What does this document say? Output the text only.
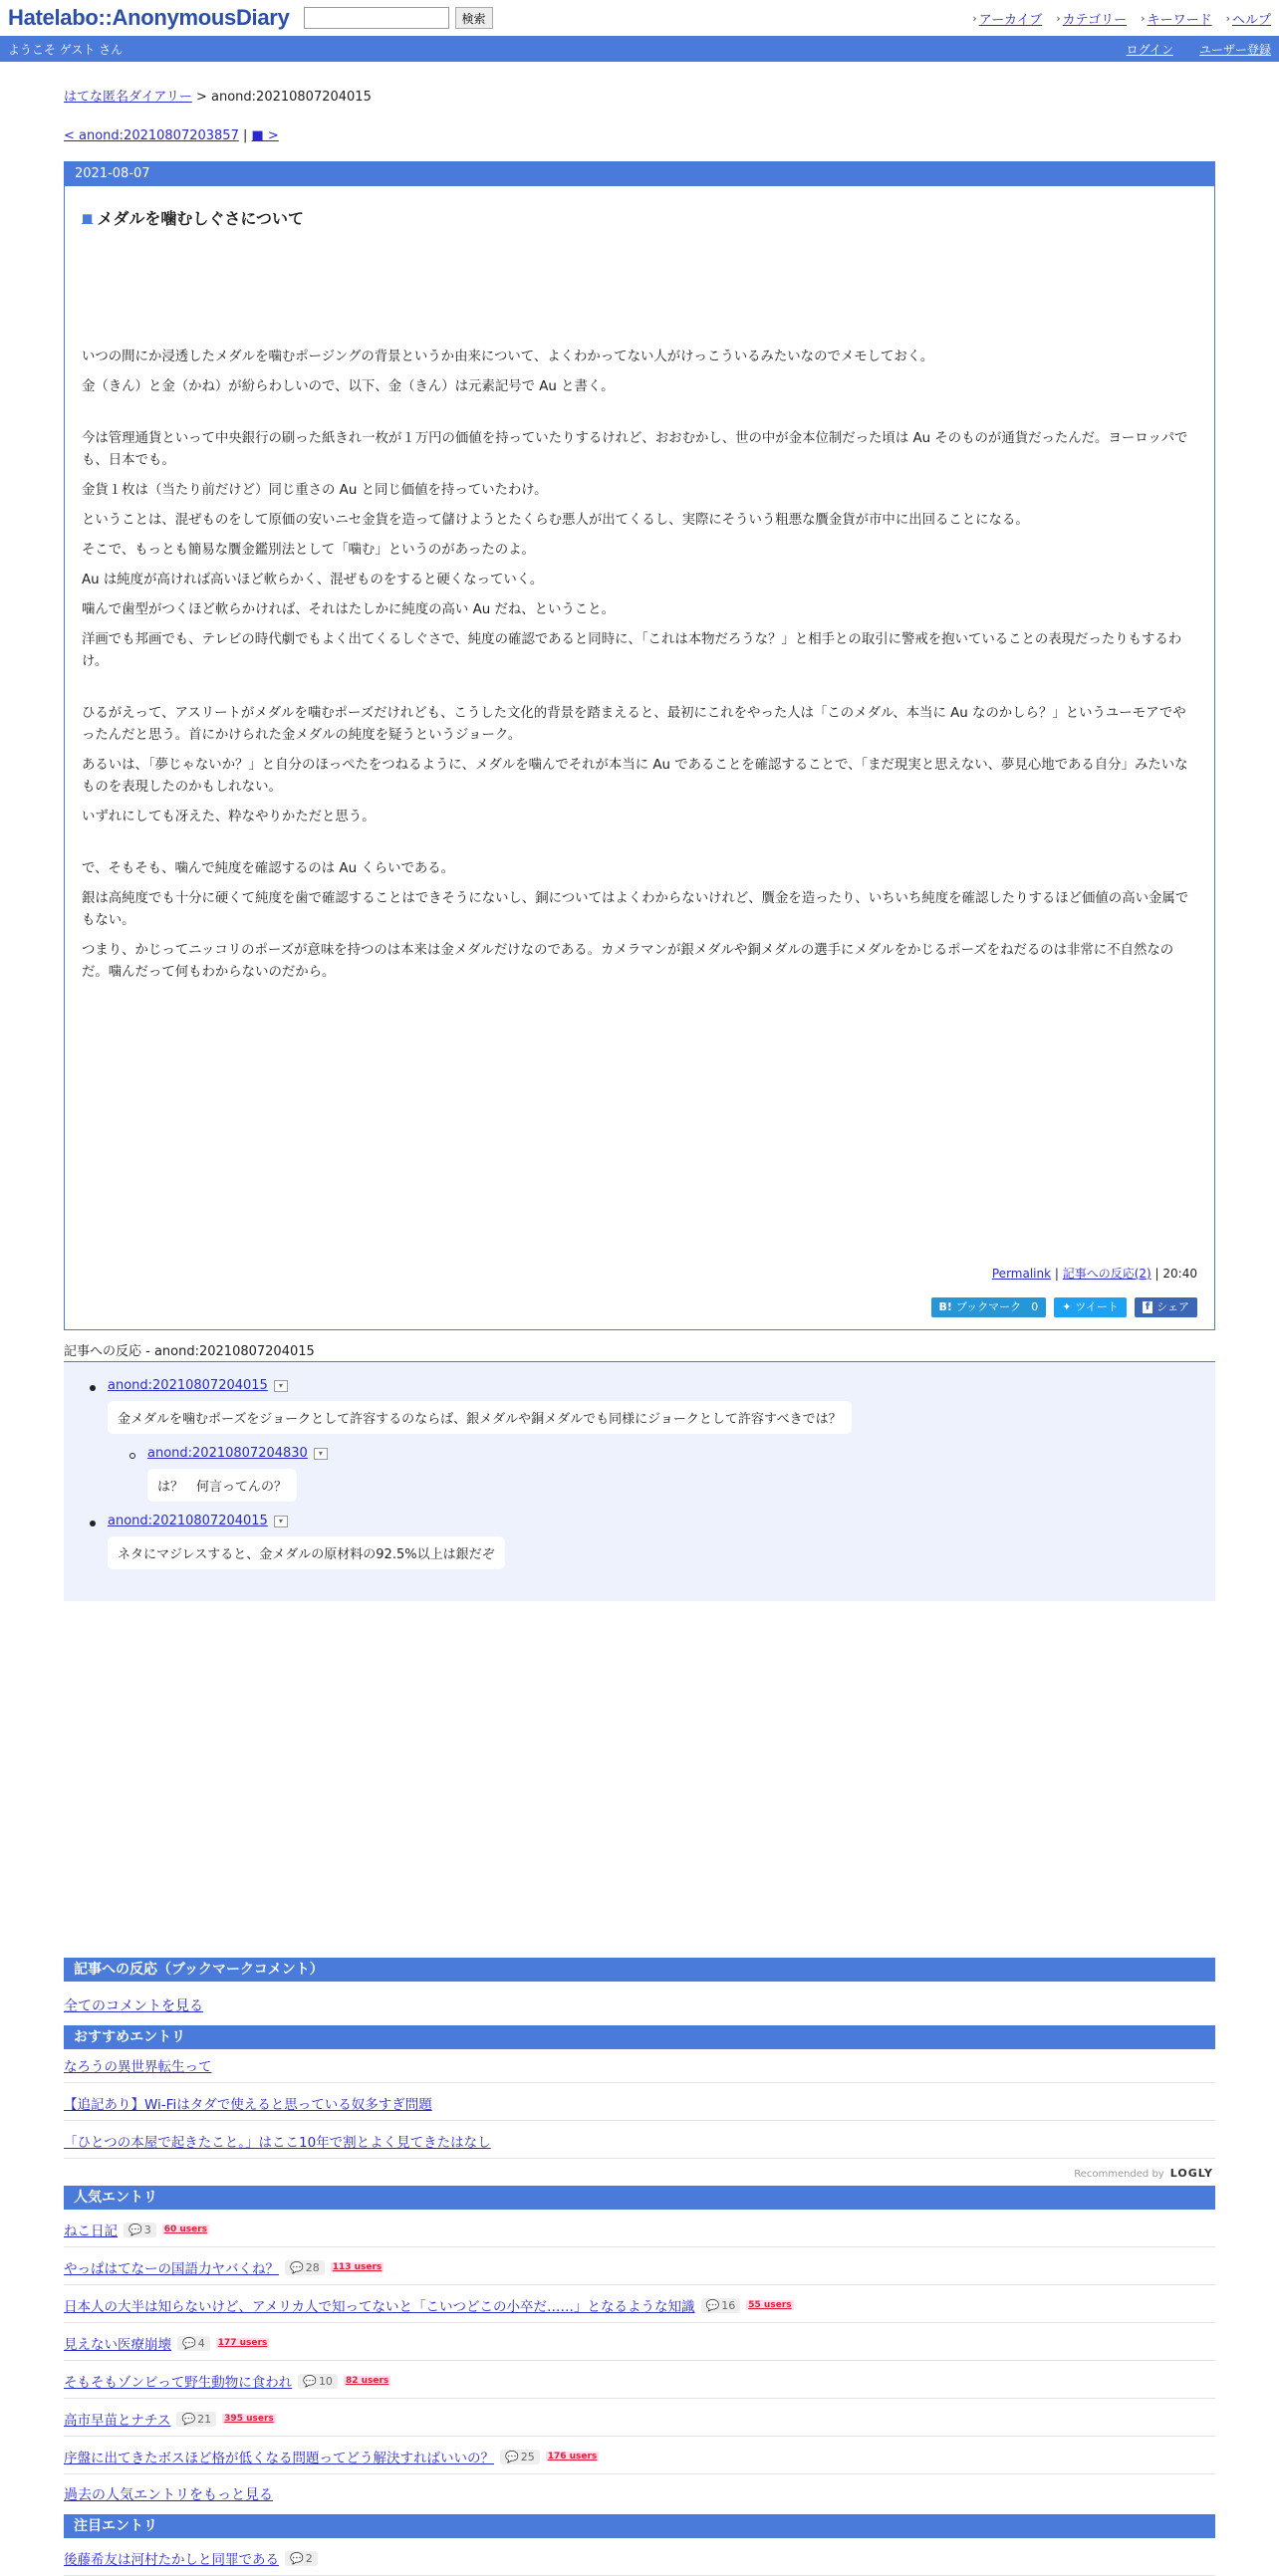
Hatelabo::AnonymousDiary	検索	› アーカイブ › カテゴリー › キーワード › ヘルプ
ようこそ ゲスト さん	ログイン ユーザー登録
はてな匿名ダイアリー > anond:20210807204015
< anond:20210807203857 | ■ >
2021-08-07
■ メダルを噛むしぐさについて

いつの間にか浸透したメダルを噛むポージングの背景というか由来について、よくわかってない人がけっこういるみたいなのでメモしておく。

金（きん）と金（かね）が紛らわしいので、以下、金（きん）は元素記号で Au と書く。

今は管理通貨といって中央銀行の刷った紙きれ一枚が１万円の価値を持っていたりするけれど、おおむかし、世の中が金本位制だった頃は Au そのものが通貨だったんだ。ヨーロッパでも、日本でも。

金貨１枚は（当たり前だけど）同じ重さの Au と同じ価値を持っていたわけ。

ということは、混ぜものをして原価の安いニセ金貨を造って儲けようとたくらむ悪人が出てくるし、実際にそういう粗悪な贋金貨が市中に出回ることになる。

そこで、もっとも簡易な贋金鑑別法として「噛む」というのがあったのよ。

Au は純度が高ければ高いほど軟らかく、混ぜものをすると硬くなっていく。

噛んで歯型がつくほど軟らかければ、それはたしかに純度の高い Au だね、ということ。

洋画でも邦画でも、テレビの時代劇でもよく出てくるしぐさで、純度の確認であると同時に、「これは本物だろうな？」と相手との取引に警戒を抱いていることの表現だったりもするわけ。

ひるがえって、アスリートがメダルを噛むポーズだけれども、こうした文化的背景を踏まえると、最初にこれをやった人は「このメダル、本当に Au なのかしら？」というユーモアでやったんだと思う。首にかけられた金メダルの純度を疑うというジョーク。

あるいは、「夢じゃないか？」と自分のほっぺたをつねるように、メダルを噛んでそれが本当に Au であることを確認することで、「まだ現実と思えない、夢見心地である自分」みたいなものを表現したのかもしれない。

いずれにしても冴えた、粋なやりかただと思う。

で、そもそも、噛んで純度を確認するのは Au くらいである。

銀は高純度でも十分に硬くて純度を歯で確認することはできそうにないし、銅についてはよくわからないけれど、贋金を造ったり、いちいち純度を確認したりするほど価値の高い金属でもない。

つまり、かじってニッコリのポーズが意味を持つのは本来は金メダルだけなのである。カメラマンが銀メダルや銅メダルの選手にメダルをかじるポーズをねだるのは非常に不自然なのだ。噛んだって何もわからないのだから。

Permalink | 記事への反応(2) | 20:40
B! ブックマーク 0 ✦ ツイート	f シェア
記事への反応 - anond:20210807204015
anond:20210807204015	▾
金メダルを噛むポーズをジョークとして許容するのならば、銀メダルや銅メダルでも同様にジョークとして許容すべきでは？
anond:20210807204830	▾
は？　何言ってんの？
anond:20210807204015	▾
ネタにマジレスすると、金メダルの原材料の92.5%以上は銀だぞ
記事への反応（ブックマークコメント）
全てのコメントを見る
おすすめエントリ
なろうの異世界転生って
【追記あり】Wi-Fiはタダで使えると思っている奴多すぎ問題
「ひとつの本屋で起きたこと。」はここ10年で割とよく見てきたはなし
Recommended by LOGLY
人気エントリ
ねこ日記 💬 3 60 users
やっぱはてなーの国語力ヤバくね？ 💬 28 113 users
日本人の大半は知らないけど、アメリカ人で知ってないと「こいつどこの小卒だ……」となるような知識 💬 16 55 users
見えない医療崩壊 💬 4 177 users
そもそもゾンビって野生動物に食われ 💬 10 82 users
高市早苗とナチス 💬 21 395 users
序盤に出てきたボスほど格が低くなる問題ってどう解決すればいいの？ 💬 25 176 users
過去の人気エントリをもっと見る
注目エントリ
後藤希友は河村たかしと同罪である 💬 2
